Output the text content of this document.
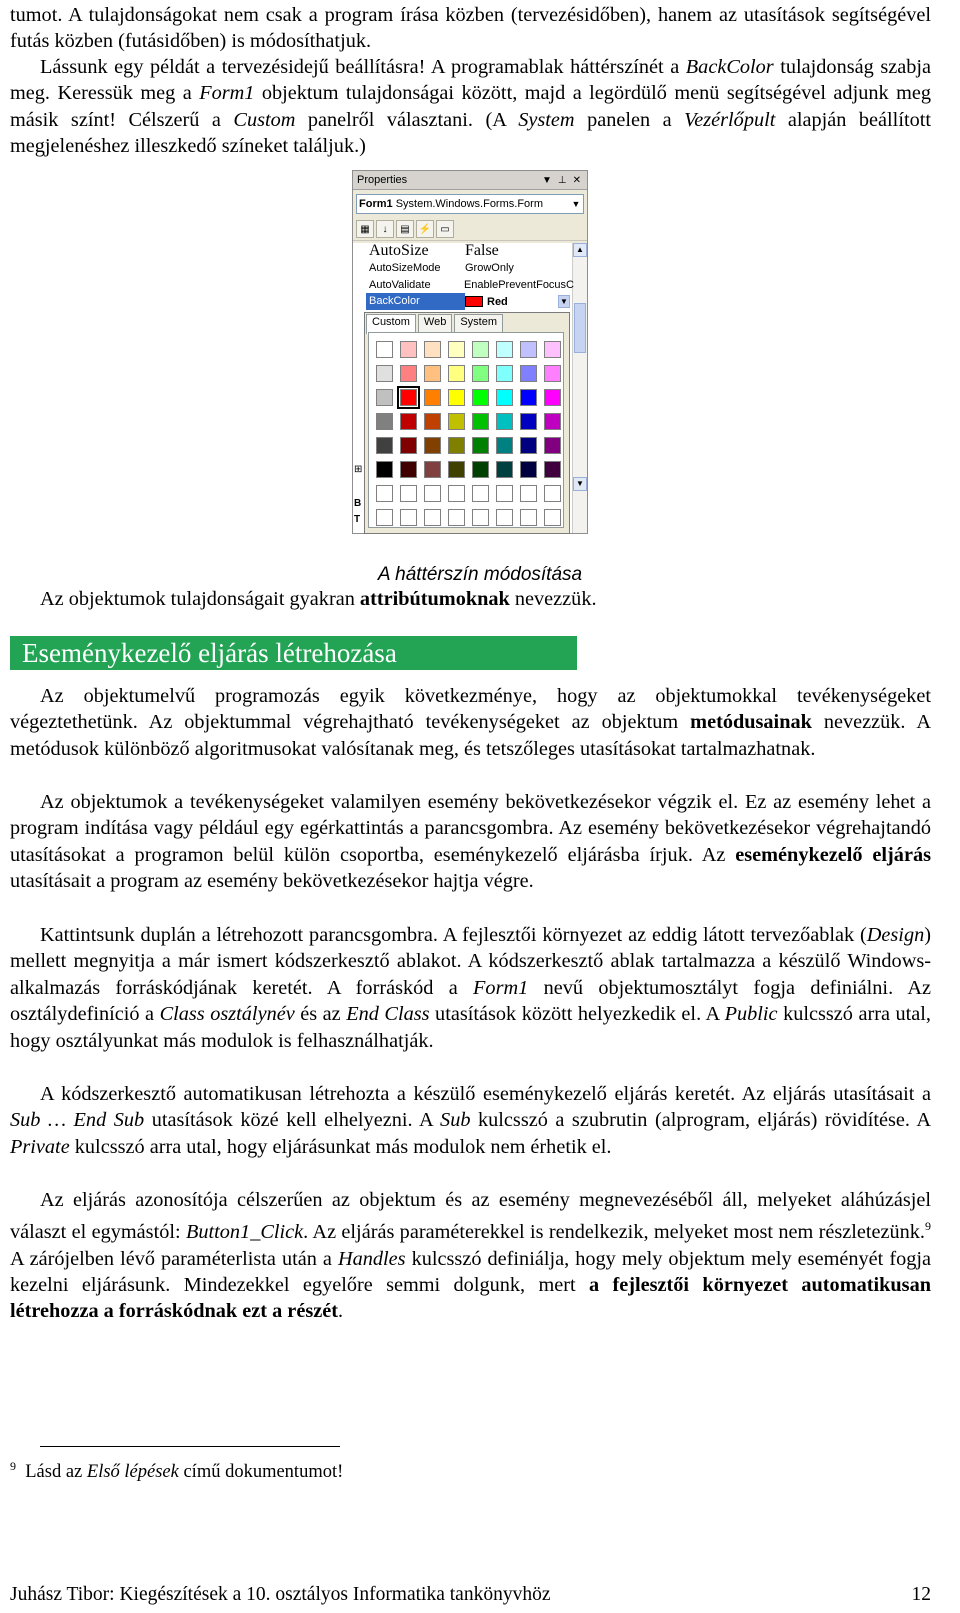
tumot. A tulajdonságokat nem csak a program írása közben (tervezésidőben), hanem az utasítások segítségével futás közben (futásidőben) is módosíthatjuk.

Lássunk egy példát a tervezésidejű beállításra! A programablak háttérszínét a BackColor tulajdonság szabja meg. Keressük meg a Form1 objektum tulajdonságai között, majd a legördülő menü segítségével adjunk meg másik színt! Célszerű a Custom panelről választani. (A System panelen a Vezérlőpult alapján beállított megjelenéshez illeszkedő színeket találjuk.)

Properties	▼ ⊥ ✕
Form1 System.Windows.Forms.Form	▼
▦	↓	▤ ⚡ ▭
▲
▼
AutoSize	False
AutoSizeMode	GrowOnly
AutoValidate	EnablePreventFocusC
BackColor	Red	▼
Custom	Web	System
⊞
B
T
A háttérszín módosítása

Az objektumok tulajdonságait gyakran attribútumoknak nevezzük.

Eseménykezelő eljárás létrehozása

Az objektumelvű programozás egyik következménye, hogy az objektumokkal tevékenységeket végeztethetünk. Az objektummal végrehajtható tevékenységeket az objektum metódusainak nevezzük. A metódusok különböző algoritmusokat valósítanak meg, és tetszőleges utasításokat tartalmazhatnak.

Az objektumok a tevékenységeket valamilyen esemény bekövetkezésekor végzik el. Ez az esemény lehet a program indítása vagy például egy egérkattintás a parancsgombra. Az esemény bekövetkezésekor végrehajtandó utasításokat a programon belül külön csoportba, eseménykezelő eljárásba írjuk. Az eseménykezelő eljárás utasításait a program az esemény bekövetkezésekor hajtja végre.

Kattintsunk duplán a létrehozott parancsgombra. A fejlesztői környezet az eddig látott tervezőablak (Design) mellett megnyitja a már ismert kódszerkesztő ablakot. A kódszerkesztő ablak tartalmazza a készülő Windows-alkalmazás forráskódjának keretét. A forráskód a Form1 nevű objektumosztályt fogja definiálni. Az osztálydefiníció a Class osztálynév és az End Class utasítások között helyezkedik el. A Public kulcsszó arra utal, hogy osztályunkat más modulok is felhasználhatják.

A kódszerkesztő automatikusan létrehozta a készülő eseménykezelő eljárás keretét. Az eljárás utasításait a Sub … End Sub utasítások közé kell elhelyezni. A Sub kulcsszó a szubrutin (alprogram, eljárás) rövidítése. A Private kulcsszó arra utal, hogy eljárásunkat más modulok nem érhetik el.

Az eljárás azonosítója célszerűen az objektum és az esemény megnevezéséből áll, melyeket aláhúzásjel választ el egymástól: Button1_Click. Az eljárás paraméterekkel is rendelkezik, melyeket most nem részletezünk.$^9$ A zárójelben lévő paraméterlista után a Handles kulcsszó definiálja, hogy mely objektum mely eseményét fogja kezelni eljárásunk. Mindezekkel egyelőre semmi dolgunk, mert a fejlesztői környezet automatikusan létrehozza a forráskódnak ezt a részét.

$^9$ Lásd az Első lépések című dokumentumot!
Juhász Tibor: Kiegészítések a 10. osztályos Informatika tankönyvhöz	12
